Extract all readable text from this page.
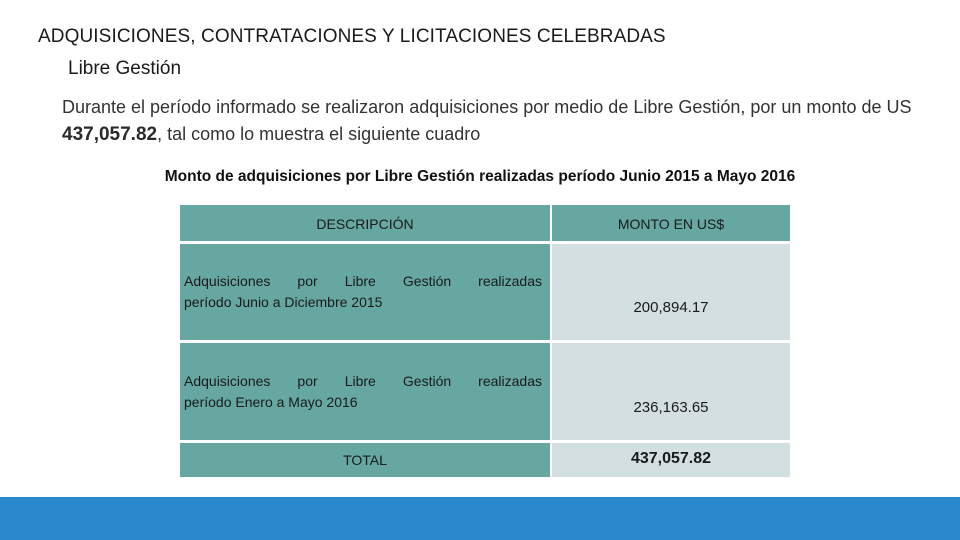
ADQUISICIONES, CONTRATACIONES Y LICITACIONES CELEBRADAS
Libre Gestión
Durante el período informado se realizaron adquisiciones por medio de Libre Gestión, por un monto de US 437,057.82, tal como lo muestra el siguiente cuadro
Monto de adquisiciones por Libre Gestión realizadas período Junio 2015 a Mayo 2016
DESCRIPCIÓN	MONTO EN US$
Adquisiciones por Libre Gestión realizadas
período Junio a Diciembre 2015	200,894.17
Adquisiciones por Libre Gestión realizadas
período Enero a Mayo 2016	236,163.65
TOTAL	437,057.82
